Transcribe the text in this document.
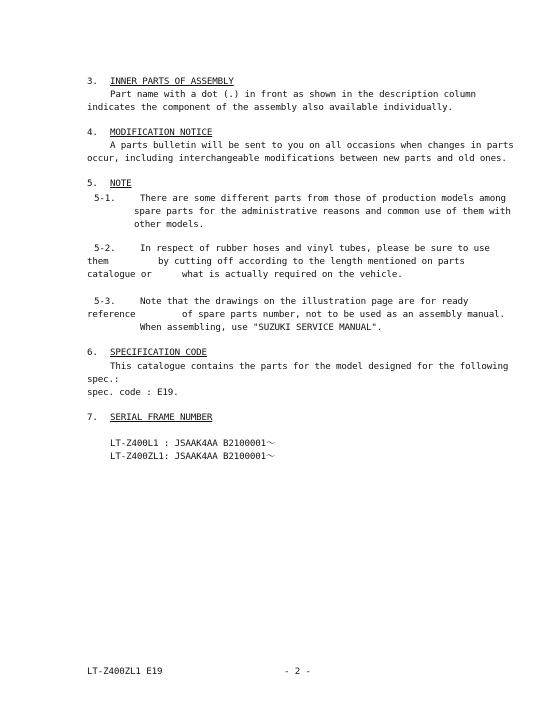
3. INNER PARTS OF ASSEMBLY
Part name with a dot (.) in front as shown in the description column
indicates the component of the assembly also available individually.
4. MODIFICATION NOTICE
A parts bulletin will be sent to you on all occasions when changes in parts
occur, including interchangeable modifications between new parts and old ones.
5. NOTE
5-1.	There are some different parts from those of production models among
spare parts for the administrative reasons and common use of them with
other models.
5-2.	In respect of rubber hoses and vinyl tubes, please be sure to use
them	by cutting off according to the length mentioned on parts
catalogue or	what is actually required on the vehicle.
5-3.	Note that the drawings on the illustration page are for ready
reference	of spare parts number, not to be used as an assembly manual.
When assembling, use "SUZUKI SERVICE MANUAL".
6. SPECIFICATION CODE
This catalogue contains the parts for the model designed for the following
spec.:
spec. code : E19.
7. SERIAL FRAME NUMBER
LT-Z400L1 : JSAAK4AA B2100001～
LT-Z400ZL1: JSAAK4AA B2100001～
LT-Z400ZL1 E19	- 2 -
